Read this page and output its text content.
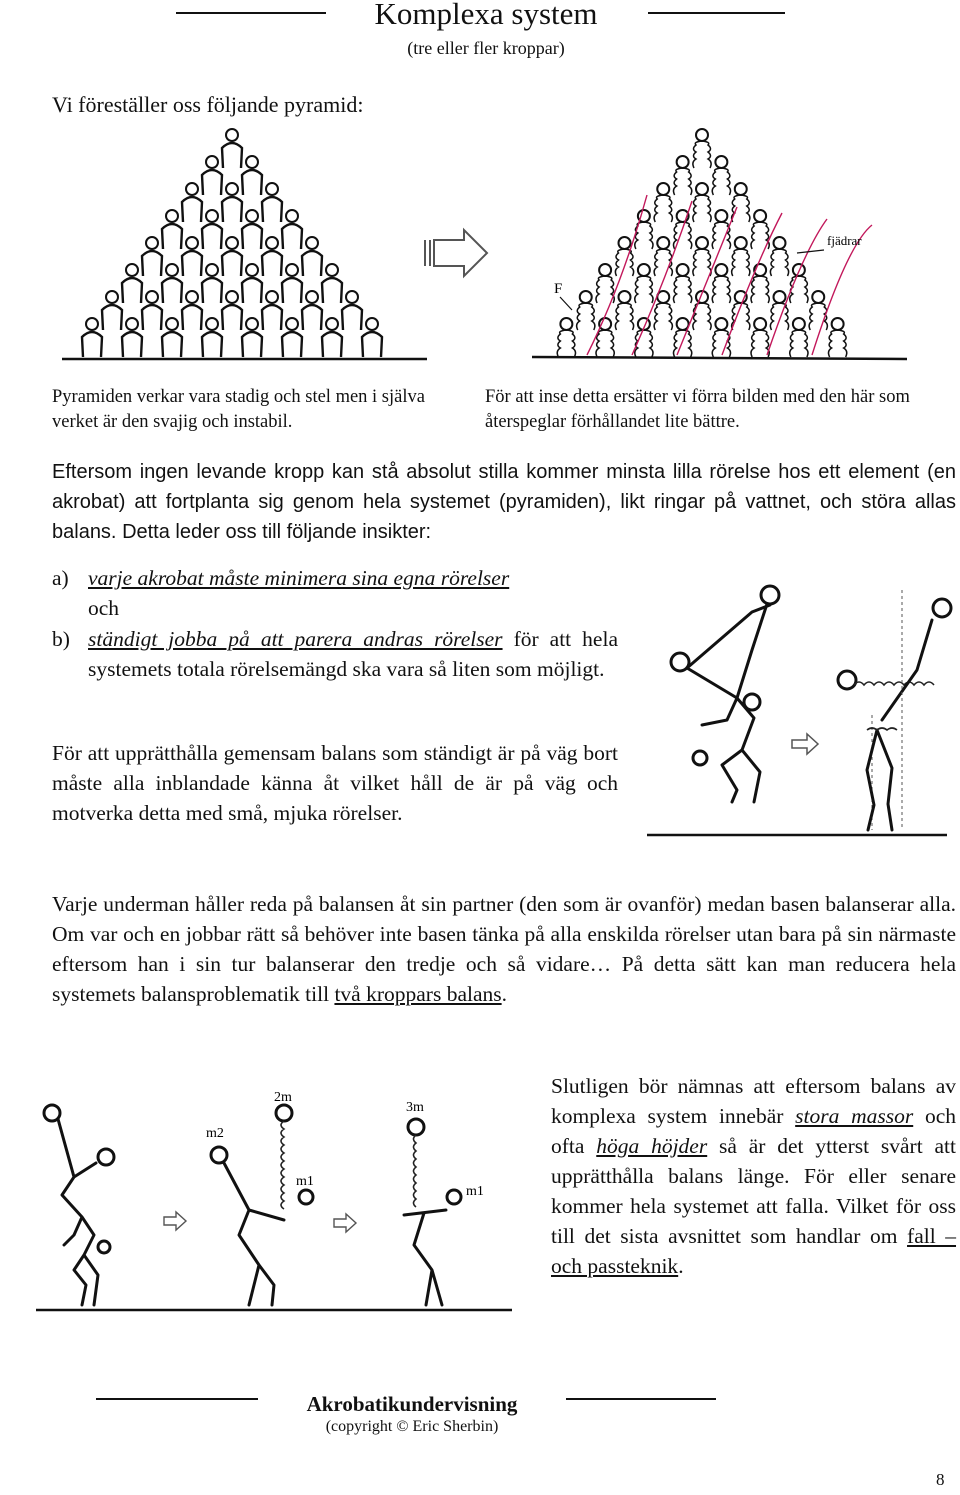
Komplexa system
(tre eller fler kroppar)
Vi föreställer oss följande pyramid:
fjädrar
F
Pyramiden verkar vara stadig och stel men i själva verket är den svajig och instabil.
För att inse detta ersätter vi förra bilden med den här som återspeglar förhållandet lite bättre.
Eftersom ingen levande kropp kan stå absolut stilla kommer minsta lilla rörelse hos ett element (en akrobat) att fortplanta sig genom hela systemet (pyramiden), likt ringar på vattnet, och störa allas balans. Detta leder oss till följande insikter:
a) varje akrobat måste minimera sina egna rörelser
och
b) ständigt jobba på att parera andras rörelser för att hela systemets totala rörelsemängd ska vara så liten som möjligt.
För att upprätthålla gemensam balans som ständigt är på väg bort måste alla inblandade känna åt vilket håll de är på väg och motverka detta med små, mjuka rörelser.
Varje underman håller reda på balansen åt sin partner (den som är ovanför) medan basen balanserar alla. Om var och en jobbar rätt så behöver inte basen tänka på alla enskilda rörelser utan bara på sin närmaste eftersom han i sin tur balanserar den tredje och så vidare… På detta sätt kan man reducera hela systemets balansproblematik till två kroppars balans.
2m
m2
m1
3m
m1
Slutligen bör nämnas att eftersom balans av komplexa system innebär stora massor och ofta höga höjder så är det ytterst svårt att upprätthålla balans länge. För eller senare kommer hela systemet att falla. Vilket för oss till det sista avsnittet som handlar om fall – och passteknik.
Akrobatikundervisning
(copyright © Eric Sherbin)
8
